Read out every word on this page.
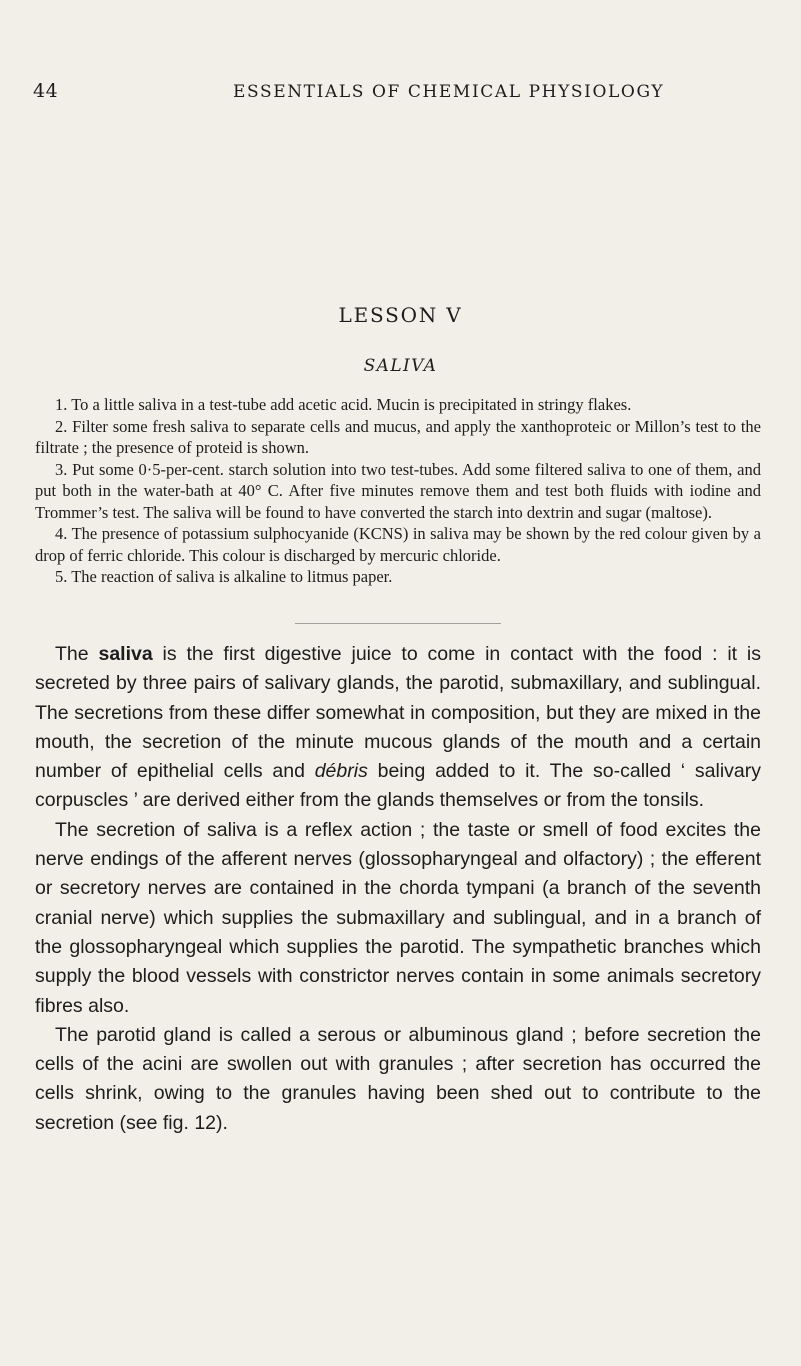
44	ESSENTIALS OF CHEMICAL PHYSIOLOGY
LESSON V
SALIVA
1. To a little saliva in a test-tube add acetic acid. Mucin is precipitated in stringy flakes.
2. Filter some fresh saliva to separate cells and mucus, and apply the xanthoproteic or Millon’s test to the filtrate ; the presence of proteid is shown.
3. Put some 0·5-per-cent. starch solution into two test-tubes. Add some filtered saliva to one of them, and put both in the water-bath at 40° C. After five minutes remove them and test both fluids with iodine and Trommer’s test. The saliva will be found to have converted the starch into dextrin and sugar (maltose).
4. The presence of potassium sulphocyanide (KCNS) in saliva may be shown by the red colour given by a drop of ferric chloride. This colour is discharged by mercuric chloride.
5. The reaction of saliva is alkaline to litmus paper.

The saliva is the first digestive juice to come in contact with the food : it is secreted by three pairs of salivary glands, the parotid, submaxillary, and sublingual. The secretions from these differ somewhat in composition, but they are mixed in the mouth, the secretion of the minute mucous glands of the mouth and a certain number of epithelial cells and débris being added to it. The so-called ‘ salivary corpuscles ’ are derived either from the glands themselves or from the tonsils.

The secretion of saliva is a reflex action ; the taste or smell of food excites the nerve endings of the afferent nerves (glossopharyngeal and olfactory) ; the efferent or secretory nerves are contained in the chorda tympani (a branch of the seventh cranial nerve) which supplies the submaxillary and sublingual, and in a branch of the glossopharyngeal which supplies the parotid. The sympathetic branches which supply the blood vessels with constrictor nerves contain in some animals secretory fibres also.

The parotid gland is called a serous or albuminous gland ; before secretion the cells of the acini are swollen out with granules ; after secretion has occurred the cells shrink, owing to the granules having been shed out to contribute to the secretion (see fig. 12).
